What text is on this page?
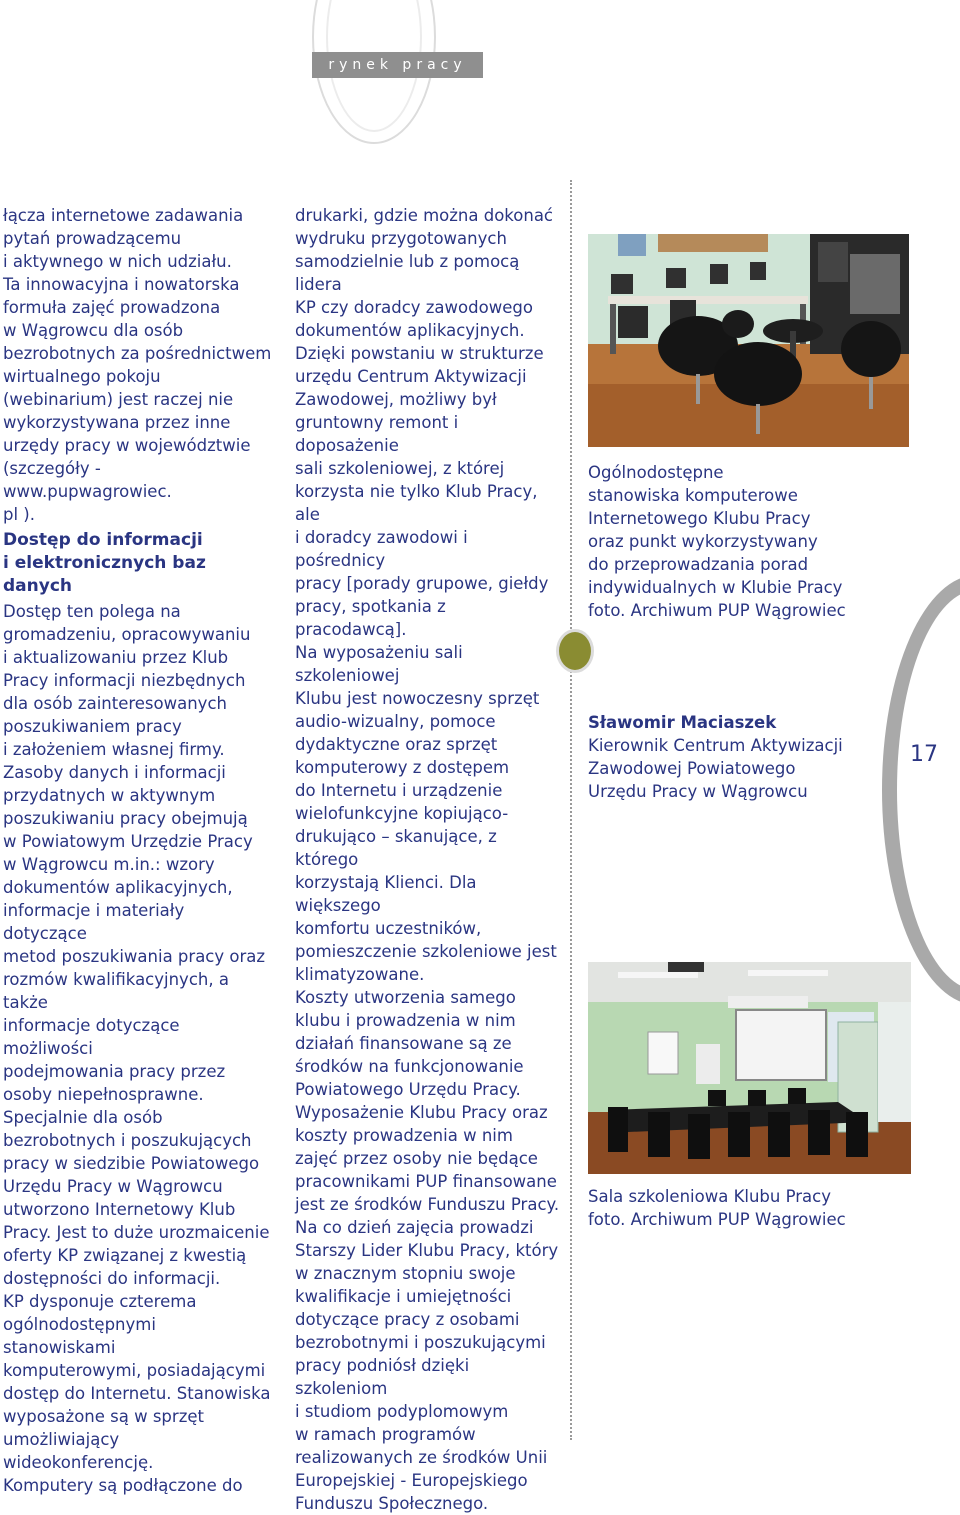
rynek pracy
łącza internetowe zadawania
pytań prowadzącemu
i aktywnego w nich udziału.
Ta innowacyjna i nowatorska
formuła zajęć prowadzona
w Wągrowcu dla osób
bezrobotnych za pośrednictwem
wirtualnego pokoju
(webinarium) jest raczej nie
wykorzystywana przez inne
urzędy pracy w województwie
(szczegóły - www.pupwagrowiec.
pl ).

Dostęp do informacji
i elektronicznych baz danych
Dostęp ten polega na
gromadzeniu, opracowywaniu
i aktualizowaniu przez Klub
Pracy informacji niezbędnych
dla osób zainteresowanych
poszukiwaniem pracy
i założeniem własnej firmy.
Zasoby danych i informacji
przydatnych w aktywnym
poszukiwaniu pracy obejmują
w Powiatowym Urzędzie Pracy
w Wągrowcu m.in.: wzory
dokumentów aplikacyjnych,
informacje i materiały dotyczące
metod poszukiwania pracy oraz
rozmów kwalifikacyjnych, a także
informacje dotyczące możliwości
podejmowania pracy przez
osoby niepełnosprawne.
Specjalnie dla osób
bezrobotnych i poszukujących
pracy w siedzibie Powiatowego
Urzędu Pracy w Wągrowcu
utworzono Internetowy Klub
Pracy. Jest to duże urozmaicenie
oferty KP związanej z kwestią
dostępności do informacji.
KP dysponuje czterema
ogólnodostępnymi stanowiskami
komputerowymi, posiadającymi
dostęp do Internetu. Stanowiska
wyposażone są w sprzęt
umożliwiający wideokonferencję.
Komputery są podłączone do
drukarki, gdzie można dokonać
wydruku przygotowanych
samodzielnie lub z pomocą lidera
KP czy doradcy zawodowego
dokumentów aplikacyjnych.
Dzięki powstaniu w strukturze
urzędu Centrum Aktywizacji
Zawodowej, możliwy był
gruntowny remont i doposażenie
sali szkoleniowej, z której
korzysta nie tylko Klub Pracy, ale
i doradcy zawodowi i pośrednicy
pracy [porady grupowe, giełdy
pracy, spotkania z pracodawcą].
Na wyposażeniu sali szkoleniowej
Klubu jest nowoczesny sprzęt
audio-wizualny, pomoce
dydaktyczne oraz sprzęt
komputerowy z dostępem
do Internetu i urządzenie
wielofunkcyjne kopiująco-
drukująco – skanujące, z którego
korzystają Klienci. Dla większego
komfortu uczestników,
pomieszczenie szkoleniowe jest
klimatyzowane.
Koszty utworzenia samego
klubu i prowadzenia w nim
działań finansowane są ze
środków na funkcjonowanie
Powiatowego Urzędu Pracy.
Wyposażenie Klubu Pracy oraz
koszty prowadzenia w nim
zajęć przez osoby nie będące
pracownikami PUP finansowane
jest ze środków Funduszu Pracy.
Na co dzień zajęcia prowadzi
Starszy Lider Klubu Pracy, który
w znacznym stopniu swoje
kwalifikacje i umiejętności
dotyczące pracy z osobami
bezrobotnymi i poszukującymi
pracy podniósł dzięki szkoleniom
i studiom podyplomowym
w ramach programów
realizowanych ze środków Unii
Europejskiej - Europejskiego
Funduszu Społecznego.
17
Ogólnodostępne
stanowiska komputerowe
Internetowego Klubu Pracy
oraz punkt wykorzystywany
do przeprowadzania porad
indywidualnych w Klubie Pracy
foto. Archiwum PUP Wągrowiec
Sławomir Maciaszek
Kierownik Centrum Aktywizacji
Zawodowej Powiatowego
Urzędu Pracy w Wągrowcu
Sala szkoleniowa Klubu Pracy
foto. Archiwum PUP Wągrowiec
